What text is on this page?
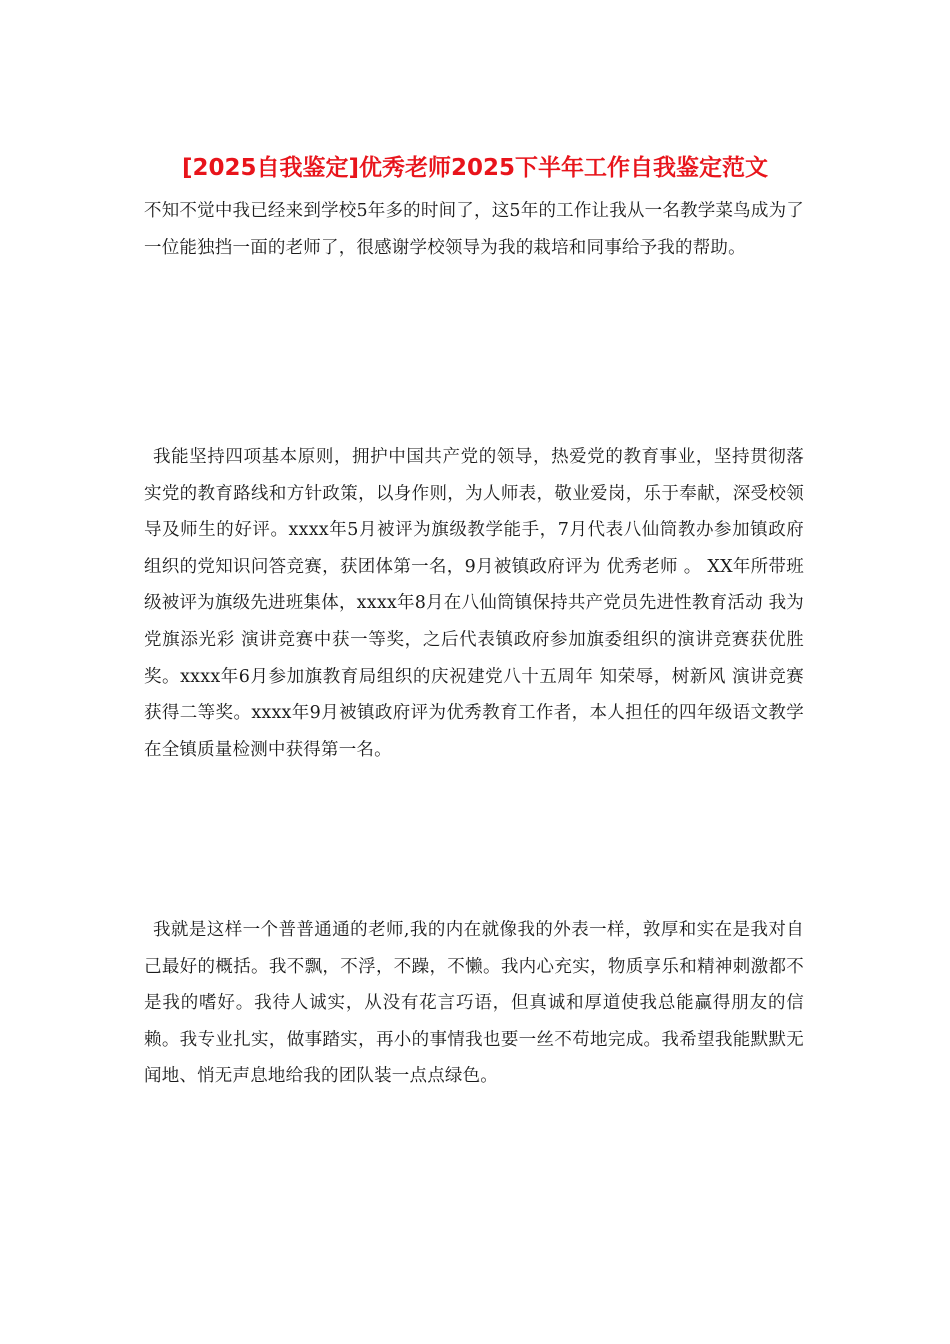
[2025自我鉴定]优秀老师2025下半年工作自我鉴定范文

不知不觉中我已经来到学校5年多的时间了，这5年的工作让我从一名教学菜鸟成为了一位能独挡一面的老师了，很感谢学校领导为我的栽培和同事给予我的帮助。

我能坚持四项基本原则，拥护中国共产党的领导，热爱党的教育事业，坚持贯彻落实党的教育路线和方针政策，以身作则，为人师表，敬业爱岗，乐于奉献，深受校领导及师生的好评。xxxx年5月被评为旗级教学能手，7月代表八仙筒教办参加镇政府组织的党知识问答竞赛，获团体第一名，9月被镇政府评为 优秀老师 。 XX年所带班级被评为旗级先进班集体，xxxx年8月在八仙筒镇保持共产党员先进性教育活动 我为党旗添光彩 演讲竞赛中获一等奖，之后代表镇政府参加旗委组织的演讲竞赛获优胜奖。xxxx年6月参加旗教育局组织的庆祝建党八十五周年 知荣辱，树新风 演讲竞赛获得二等奖。xxxx年9月被镇政府评为优秀教育工作者，本人担任的四年级语文教学在全镇质量检测中获得第一名。

我就是这样一个普普通通的老师,我的内在就像我的外表一样，敦厚和实在是我对自己最好的概括。我不飘，不浮，不躁，不懒。我内心充实，物质享乐和精神刺激都不是我的嗜好。我待人诚实，从没有花言巧语，但真诚和厚道使我总能赢得朋友的信赖。我专业扎实，做事踏实，再小的事情我也要一丝不苟地完成。我希望我能默默无闻地、悄无声息地给我的团队装一点点绿色。
